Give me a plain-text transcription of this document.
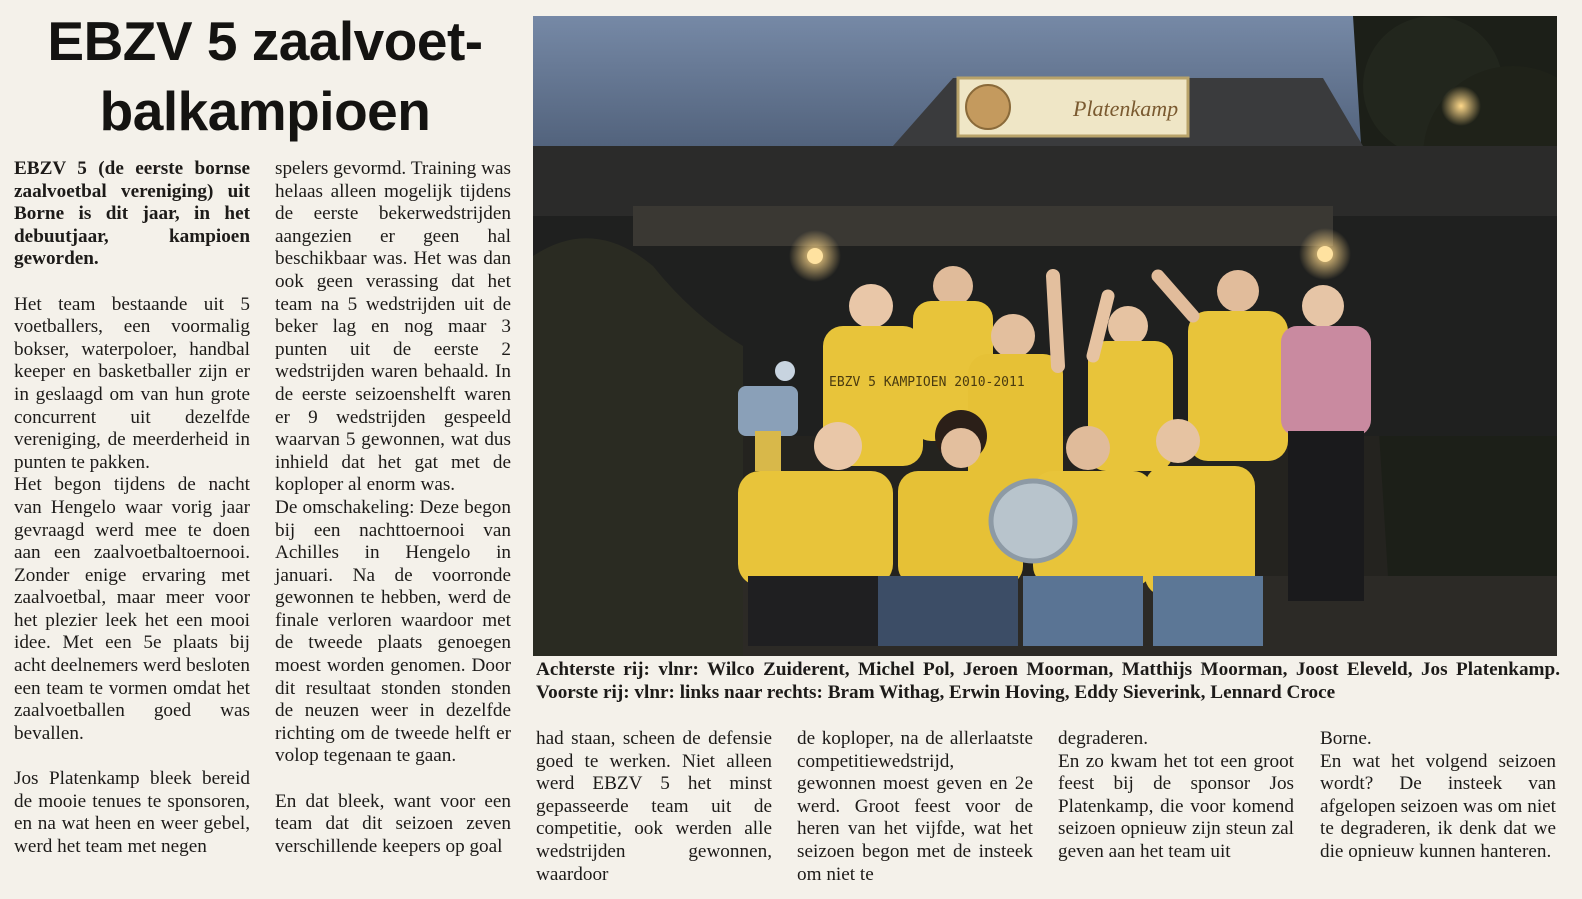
EBZV 5 zaalvoet-
balkampioen

EBZV 5 (de eerste bornse zaalvoetbal vereniging) uit Borne is dit jaar, in het debuutjaar, kampioen geworden.

Het team bestaande uit 5 voetballers, een voormalig bokser, waterpoloer, handbal keeper en basketballer zijn er in geslaagd om van hun grote concurrent uit dezelfde vereniging, de meerderheid in punten te pakken.

Het begon tijdens de nacht van Hengelo waar vorig jaar gevraagd werd mee te doen aan een zaalvoetbaltoernooi. Zonder enige ervaring met zaalvoetbal, maar meer voor het plezier leek het een mooi idee. Met een 5e plaats bij acht deelnemers werd besloten een team te vormen omdat het zaalvoetballen goed was bevallen.

Jos Platenkamp bleek bereid de mooie tenues te sponsoren, en na wat heen en weer gebel, werd het team met negen

spelers gevormd. Training was helaas alleen mogelijk tijdens de eerste bekerwedstrijden aangezien er geen hal beschikbaar was. Het was dan ook geen verassing dat het team na 5 wedstrijden uit de beker lag en nog maar 3 punten uit de eerste 2 wedstrijden waren behaald. In de eerste seizoenshelft waren er 9 wedstrijden gespeeld waarvan 5 gewonnen, wat dus inhield dat het gat met de koploper al enorm was.

De omschakeling: Deze begon bij een nachttoernooi van Achilles in Hengelo in januari. Na de voorronde gewonnen te hebben, werd de finale verloren waardoor met de tweede plaats genoegen moest worden genomen. Door dit resultaat stonden stonden de neuzen weer in dezelfde richting om de tweede helft er volop tegenaan te gaan.

En dat bleek, want voor een team dat dit seizoen zeven verschillende keepers op goal

Platenkamp
EBZV 5 KAMPIOEN 2010-2011

Achterste rij: vlnr: Wilco Zuiderent, Michel Pol, Jeroen Moorman, Matthijs Moorman, Joost Eleveld, Jos Platenkamp. Voorste rij: vlnr: links naar rechts: Bram Withag, Erwin Hoving, Eddy Sieverink, Lennard Croce

had staan, scheen de defensie goed te werken. Niet alleen werd EBZV 5 het minst gepasseerde team uit de competitie, ook werden alle wedstrijden gewonnen, waardoor

de koploper, na de allerlaatste competitiewedstrijd, gewonnen moest geven en 2e werd. Groot feest voor de heren van het vijfde, wat het seizoen begon met de insteek om niet te

degraderen.

En zo kwam het tot een groot feest bij de sponsor Jos Platenkamp, die voor komend seizoen opnieuw zijn steun zal geven aan het team uit

Borne.

En wat het volgend seizoen wordt? De insteek van afgelopen seizoen was om niet te degraderen, ik denk dat we die opnieuw kunnen hanteren.
